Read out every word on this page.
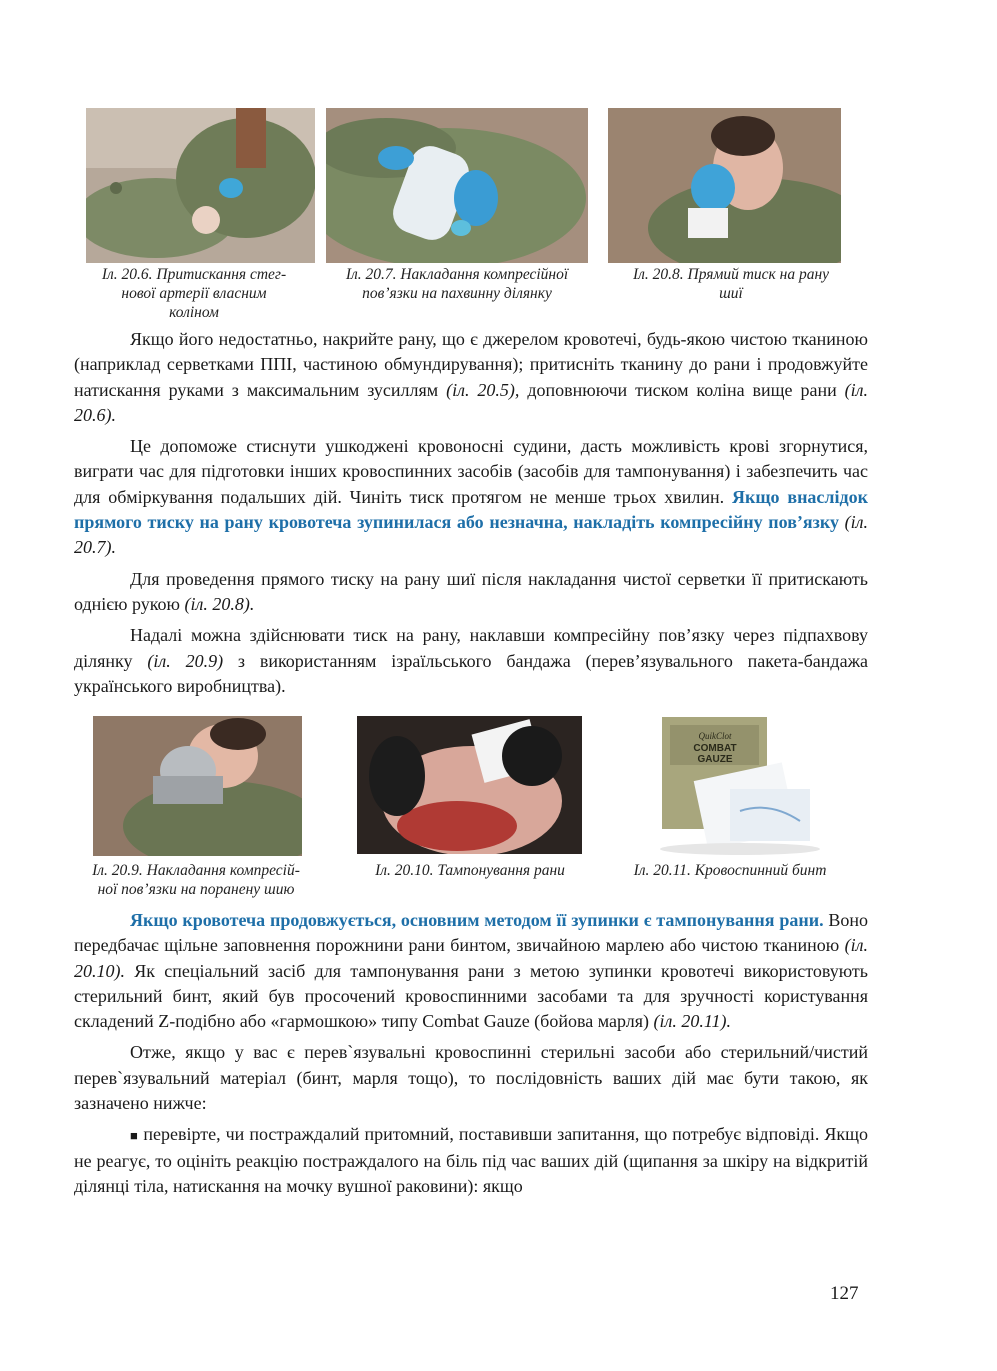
Іл. 20.6. Притискання стег-
нової артерії власним
коліном
Іл. 20.7. Накладання компресійної
пов’язки на пахвинну ділянку
Іл. 20.8. Прямий тиск на рану
шиї

Якщо його недостатньо, накрийте рану, що є джерелом кровотечі, будь-якою чистою тканиною (наприклад серветками ППІ, частиною обмундирування); притисніть тканину до рани і продовжуйте натискання руками з максимальним зусиллям (іл. 20.5), доповнюючи тиском коліна вище рани (іл. 20.6).

Це допоможе стиснути ушкоджені кровоносні судини, дасть можливість крові згорнутися, виграти час для підготовки інших кровоспинних засобів (засобів для тампонування) і забезпечить час для обміркування подальших дій. Чиніть тиск протягом не менше трьох хвилин. Якщо внаслідок прямого тиску на рану кровотеча зупинилася або незначна, накладіть компресійну пов’язку (іл. 20.7).

Для проведення прямого тиску на рану шиї після накладання чистої серветки її притискають однією рукою (іл. 20.8).

Надалі можна здійснювати тиск на рану, наклавши компресійну пов’язку через підпахвову ділянку (іл. 20.9) з використанням ізраїльського бандажа (перев’язувального пакета-бандажа українського виробництва).

QuikClot
COMBAT
GAUZE
Іл. 20.9. Накладання компресій-
ної пов’язки на поранену шию
Іл. 20.10. Тампонування рани	Іл. 20.11. Кровоспинний бинт

Якщо кровотеча продовжується, основним методом її зупинки є тампонування рани. Воно передбачає щільне заповнення порожнини рани бинтом, звичайною марлею або чистою тканиною (іл. 20.10). Як спеціальний засіб для тампонування рани з метою зупинки кровотечі використовують стерильний бинт, який був просочений кровоспинними засобами та для зручності користування складений Z-подібно або «гармошкою» типу Combat Gauze (бойова марля) (іл. 20.11).

Отже, якщо у вас є перев`язувальні кровоспинні стерильні засоби або стерильний/чистий перев`язувальний матеріал (бинт, марля тощо), то послідовність ваших дій має бути такою, як зазначено нижче:

■ перевірте, чи постраждалий притомний, поставивши запитання, що потребує відповіді. Якщо не реагує, то оцініть реакцію постраждалого на біль під час ваших дій (щипання за шкіру на відкритій ділянці тіла, натискання на мочку вушної раковини): якщо

127
